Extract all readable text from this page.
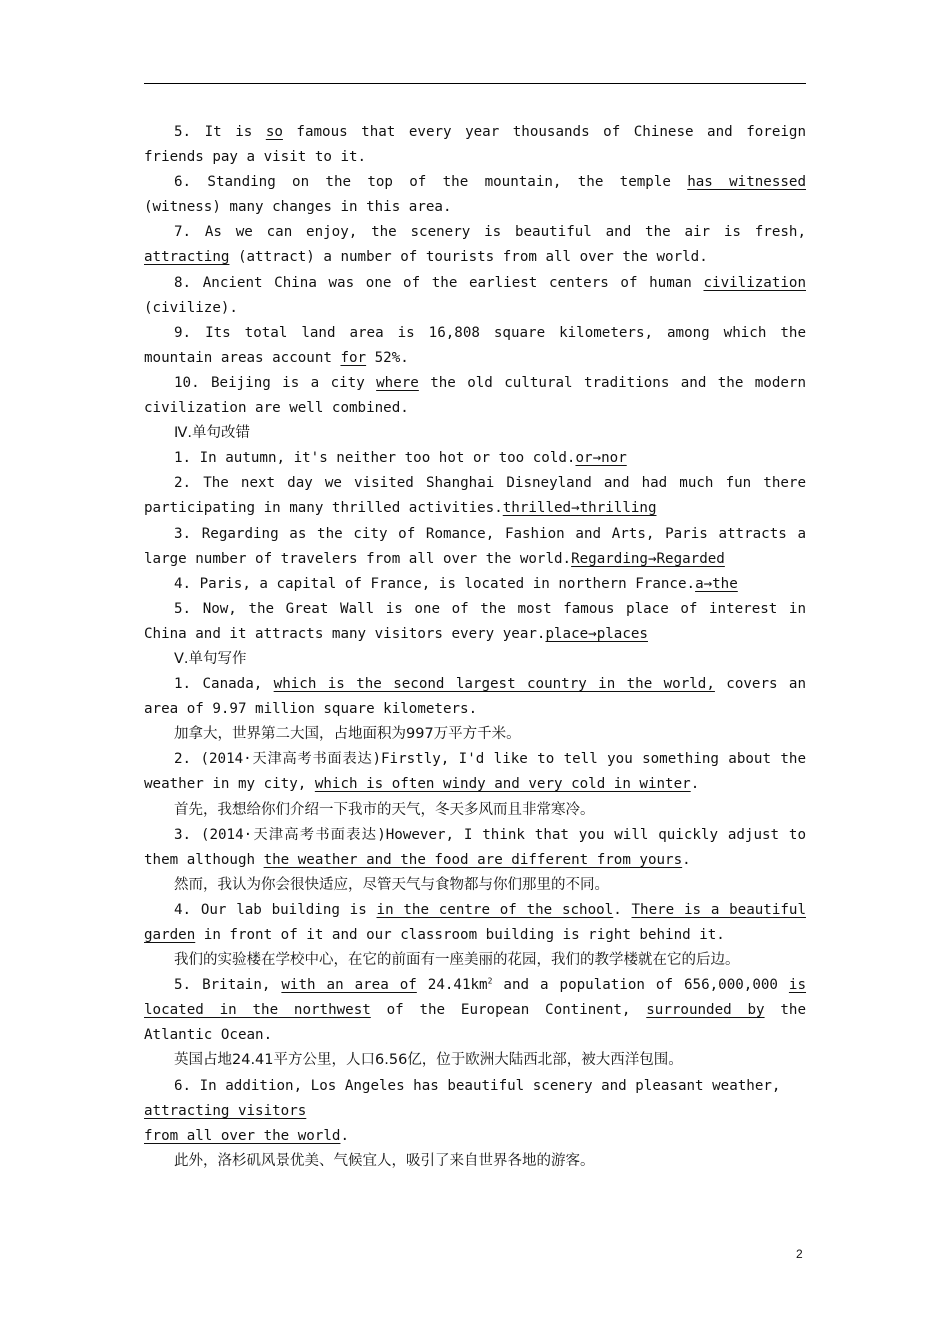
5. It is so famous that every year thousands of Chinese and foreign friends pay a visit to it.
6. Standing on the top of the mountain, the temple has witnessed (witness) many changes in this area.
7. As we can enjoy, the scenery is beautiful and the air is fresh, attracting (attract) a number of tourists from all over the world.
8. Ancient China was one of the earliest centers of human civilization (civilize).
9. Its total land area is 16,808 square kilometers, among which the mountain areas account for 52%.
10. Beijing is a city where the old cultural traditions and the modern civilization are well combined.
Ⅳ.单句改错
1. In autumn, it's neither too hot or too cold.or→nor
2. The next day we visited Shanghai Disneyland and had much fun there participating in many thrilled activities.thrilled→thrilling
3. Regarding as the city of Romance, Fashion and Arts, Paris attracts a large number of travelers from all over the world.Regarding→Regarded
4. Paris, a capital of France, is located in northern France.a→the
5. Now, the Great Wall is one of the most famous place of interest in China and it attracts many visitors every year.place→places
Ⅴ.单句写作
1. Canada, which is the second largest country in the world, covers an area of 9.97 million square kilometers.
加拿大，世界第二大国，占地面积为997万平方千米。
2. (2014·天津高考书面表达)Firstly, I'd like to tell you something about the weather in my city, which is often windy and very cold in winter.
首先，我想给你们介绍一下我市的天气，冬天多风而且非常寒冷。
3. (2014·天津高考书面表达)However, I think that you will quickly adjust to them although the weather and the food are different from yours.
然而，我认为你会很快适应，尽管天气与食物都与你们那里的不同。
4. Our lab building is in the centre of the school. There is a beautiful garden in front of it and our classroom building is right behind it.
我们的实验楼在学校中心，在它的前面有一座美丽的花园，我们的教学楼就在它的后边。
5. Britain, with an area of $24.41km^2$ and a population of 656,000,000 is located in the northwest of the European Continent, surrounded by the Atlantic Ocean.
英国占地24.41平方公里，人口6.56亿，位于欧洲大陆西北部，被大西洋包围。
6. In addition, Los Angeles has beautiful scenery and pleasant weather,
attracting visitors
from all over the world.
此外，洛杉矶风景优美、气候宜人，吸引了来自世界各地的游客。
2
